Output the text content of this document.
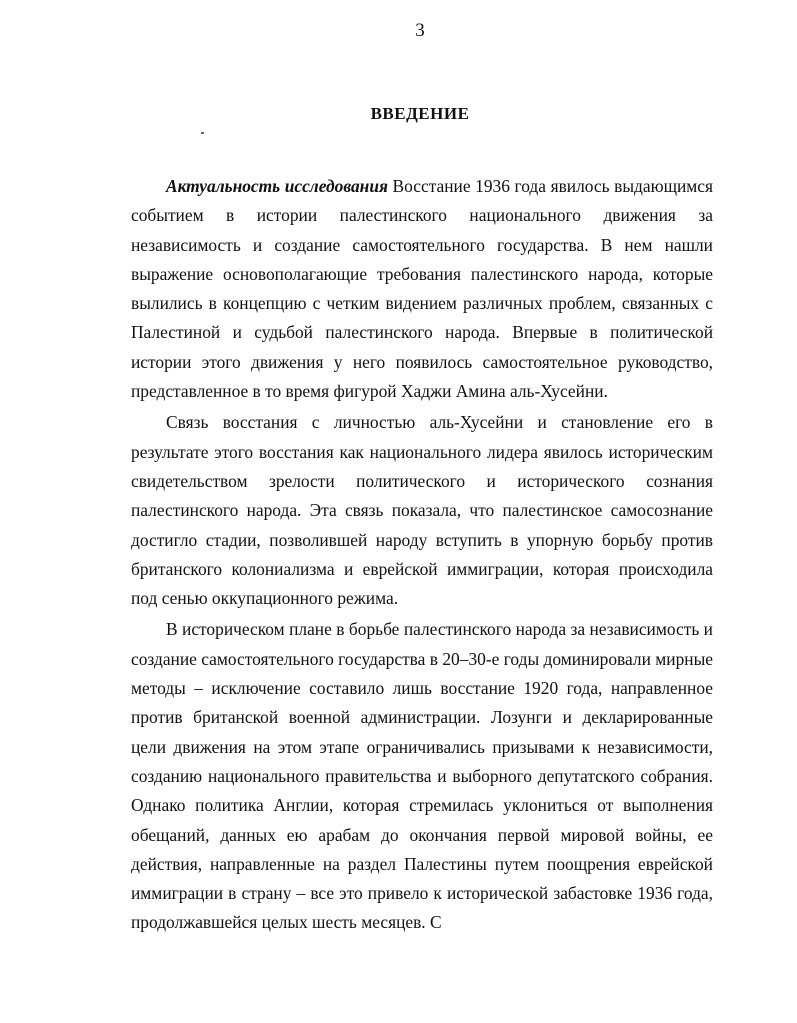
3
ВВЕДЕНИЕ

Актуальность исследования Восстание 1936 года явилось выдающимся событием в истории палестинского национального движения за независимость и создание самостоятельного государства. В нем нашли выражение основополагающие требования палестинского народа, которые вылились в концепцию с четким видением различных проблем, связанных с Палестиной и судьбой палестинского народа. Впервые в политической истории этого движения у него появилось самостоятельное руководство, представленное в то время фигурой Хаджи Амина аль-Хусейни.

Связь восстания с личностью аль-Хусейни и становление его в результате этого восстания как национального лидера явилось историческим свидетельством зрелости политического и исторического сознания палестинского народа. Эта связь показала, что палестинское самосознание достигло стадии, позволившей народу вступить в упорную борьбу против британского колониализма и еврейской иммиграции, которая происходила под сенью оккупационного режима.

В историческом плане в борьбе палестинского народа за независимость и создание самостоятельного государства в 20–30-е годы доминировали мирные методы – исключение составило лишь восстание 1920 года, направленное против британской военной администрации. Лозунги и декларированные цели движения на этом этапе ограничивались призывами к независимости, созданию национального правительства и выборного депутатского собрания. Однако политика Англии, которая стремилась уклониться от выполнения обещаний, данных ею арабам до окончания первой мировой войны, ее действия, направленные на раздел Палестины путем поощрения еврейской иммиграции в страну – все это привело к исторической забастовке 1936 года, продолжавшейся целых шесть месяцев. С
